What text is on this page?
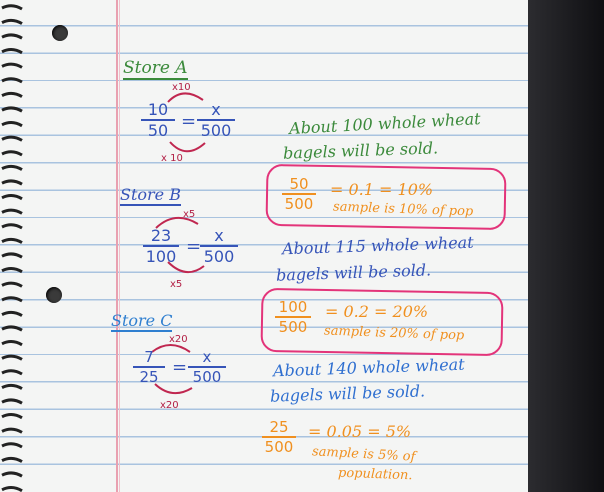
Store A
x10
$\frac{10}{50} = \frac{x}{500}$
x 10
About 100 whole wheat
bagels will be sold.
$\frac{50}{500} = 0.1 = 10\%$
sample is 10% of pop
Store B
x5
$\frac{23}{100}$ =
$\frac{x}{500}$
x5
About 115 whole wheat
bagels will be sold.
$\frac{100}{500} = 0.2 = 20\%$
sample is 20% of pop
Store C
x20
$\frac{7}{25} = \frac{x}{500}$
x20
About 140 whole wheat
bagels will be sold.
$\frac{25}{500} = 0.05 = 5\%$
sample is 5% of
population.
